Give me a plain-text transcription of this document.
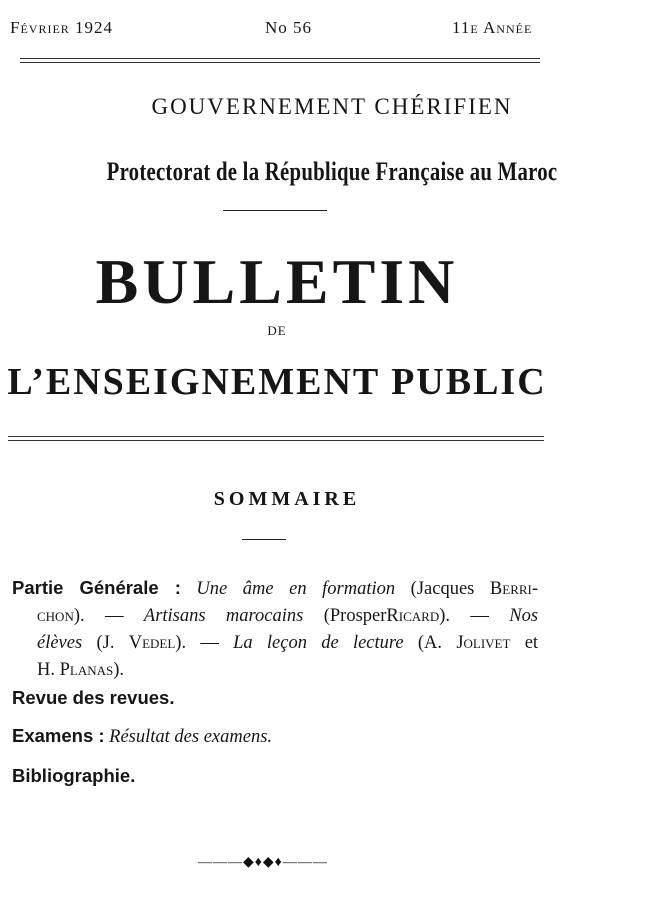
Février 1924	No 56	11e Année
GOUVERNEMENT CHÉRIFIEN
Protectorat de la République Française au Maroc
BULLETIN
DE
L’ENSEIGNEMENT PUBLIC
SOMMAIRE
Partie Générale : Une âme en formation (Jacques Berri-
chon). — Artisans marocains (ProsperRicard). — Nos
élèves (J. Vedel). — La leçon de lecture (A. Jolivet et
H. Planas).
Revue des revues.
Examens : Résultat des examens.
Bibliographie.
———◆♦◆♦———
